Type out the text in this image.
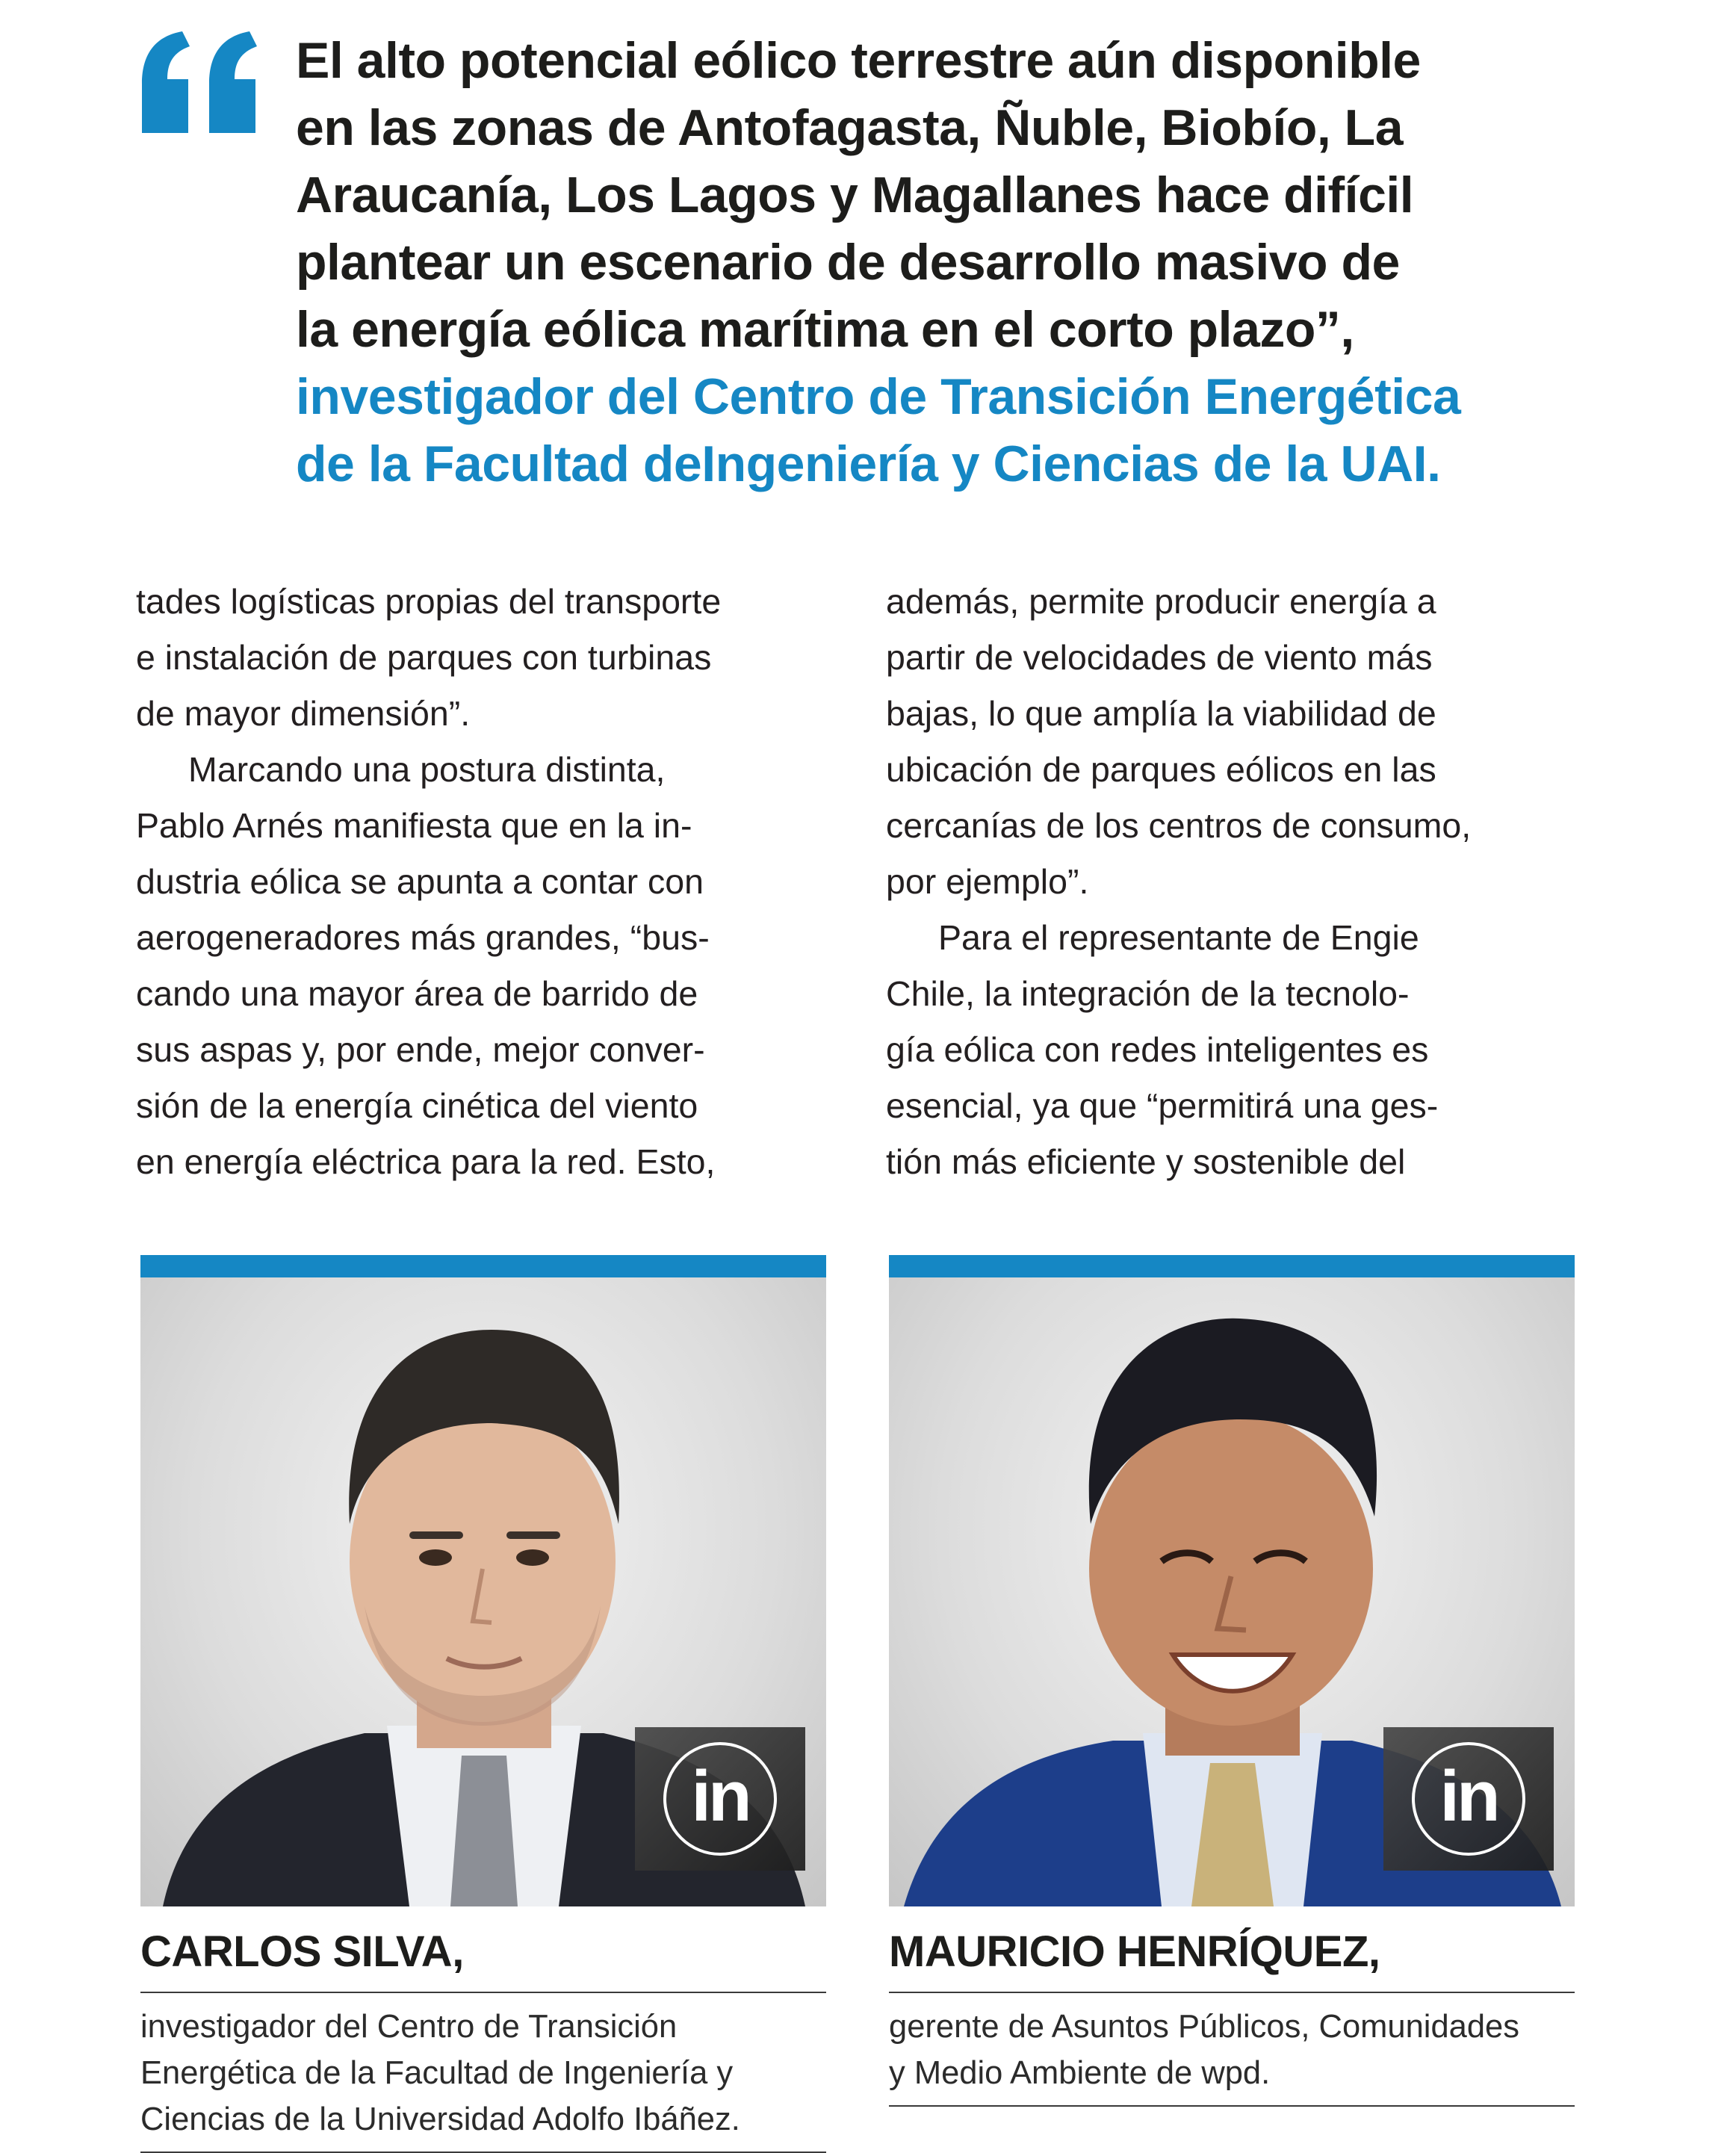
El alto potencial eólico terrestre aún disponible
en las zonas de Antofagasta, Ñuble, Biobío, La
Araucanía, Los Lagos y Magallanes hace difícil
plantear un escenario de desarrollo masivo de
la energía eólica marítima en el corto plazo”,
investigador del Centro de Transición Energética
de la Facultad deIngeniería y Ciencias de la UAI.
tades logísticas propias del transporte
e instalación de parques con turbinas
de mayor dimensión”.
Marcando una postura distinta,
Pablo Arnés manifiesta que en la in-
dustria eólica se apunta a contar con
aerogeneradores más grandes, “bus-
cando una mayor área de barrido de
sus aspas y, por ende, mejor conver-
sión de la energía cinética del viento
en energía eléctrica para la red. Esto,
además, permite producir energía a
partir de velocidades de viento más
bajas, lo que amplía la viabilidad de
ubicación de parques eólicos en las
cercanías de los centros de consumo,
por ejemplo”.
Para el representante de Engie
Chile, la integración de la tecnolo-
gía eólica con redes inteligentes es
esencial, ya que “permitirá una ges-
tión más eficiente y sostenible del
in
CARLOS SILVA,
investigador del Centro de Transición
Energética de la Facultad de Ingeniería y
Ciencias de la Universidad Adolfo Ibáñez.
in
MAURICIO HENRÍQUEZ,
gerente de Asuntos Públicos, Comunidades
y Medio Ambiente de wpd.
